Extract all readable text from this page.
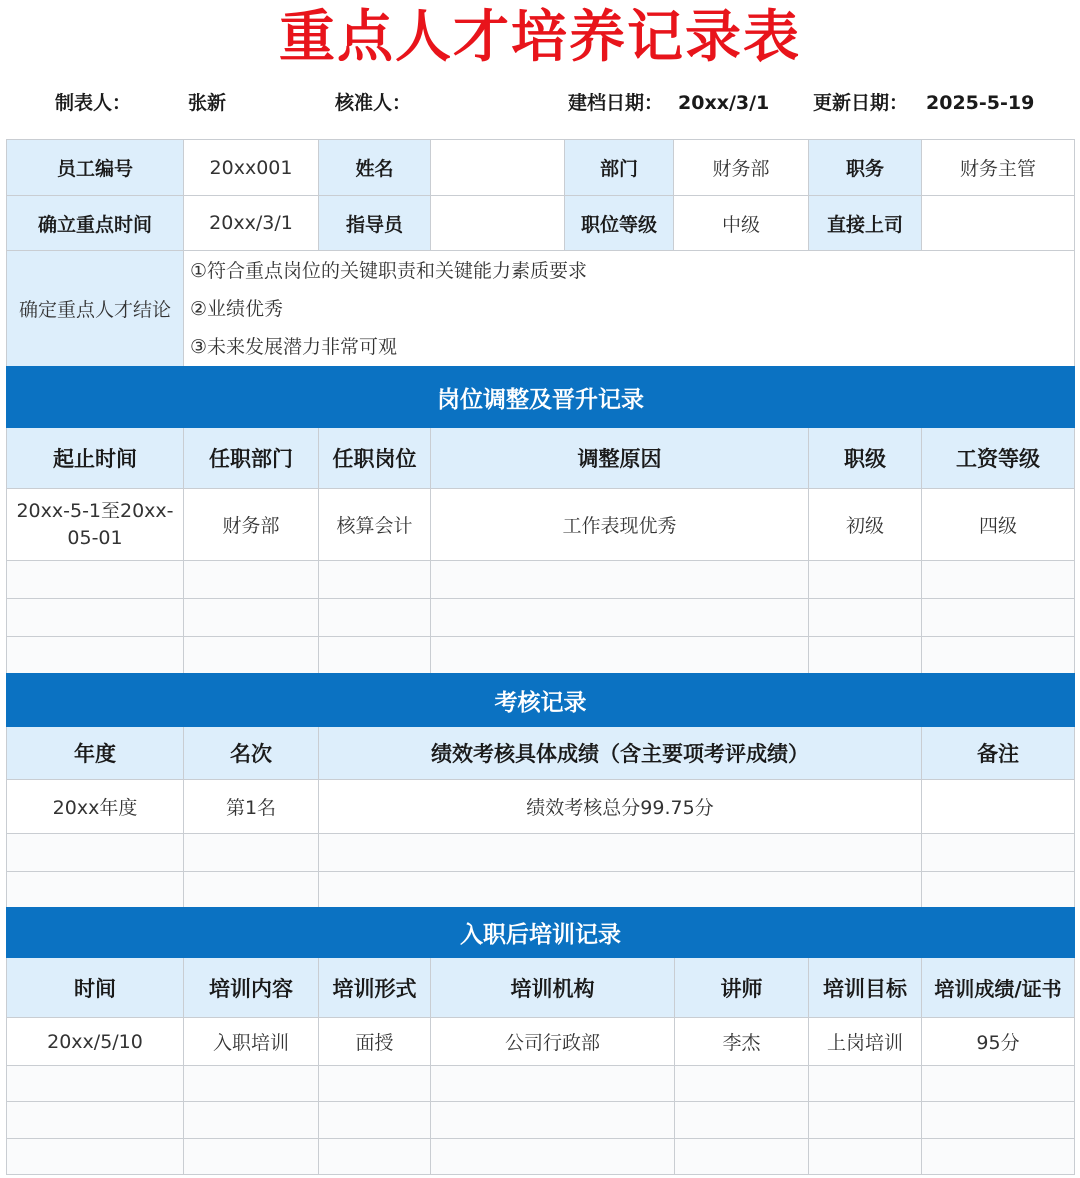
重点人才培养记录表
制表人：	张新	核准人：	建档日期： 20xx/3/1 更新日期： 2025-5-19
员工编号	20xx001	姓名		部门	财务部	职务	财务主管
确立重点时间	20xx/3/1	指导员		职位等级	中级	直接上司	
确定重点人才结论	①符合重点岗位的关键职责和关键能力素质要求
②业绩优秀
③未来发展潜力非常可观						
岗位调整及晋升记录					
起止时间	任职部门	任职岗位	调整原因	职级	工资等级
20xx-5-1至20xx-05-01	财务部	核算会计	工作表现优秀	初级	四级

考核记录			
年度	名次	绩效考核具体成绩（含主要项考评成绩）	备注
20xx年度	第1名	绩效考核总分99.75分	

入职后培训记录						
时间	培训内容	培训形式	培训机构	讲师	培训目标	培训成绩/证书
20xx/5/10	入职培训	面授	公司行政部	李杰	上岗培训	95分
